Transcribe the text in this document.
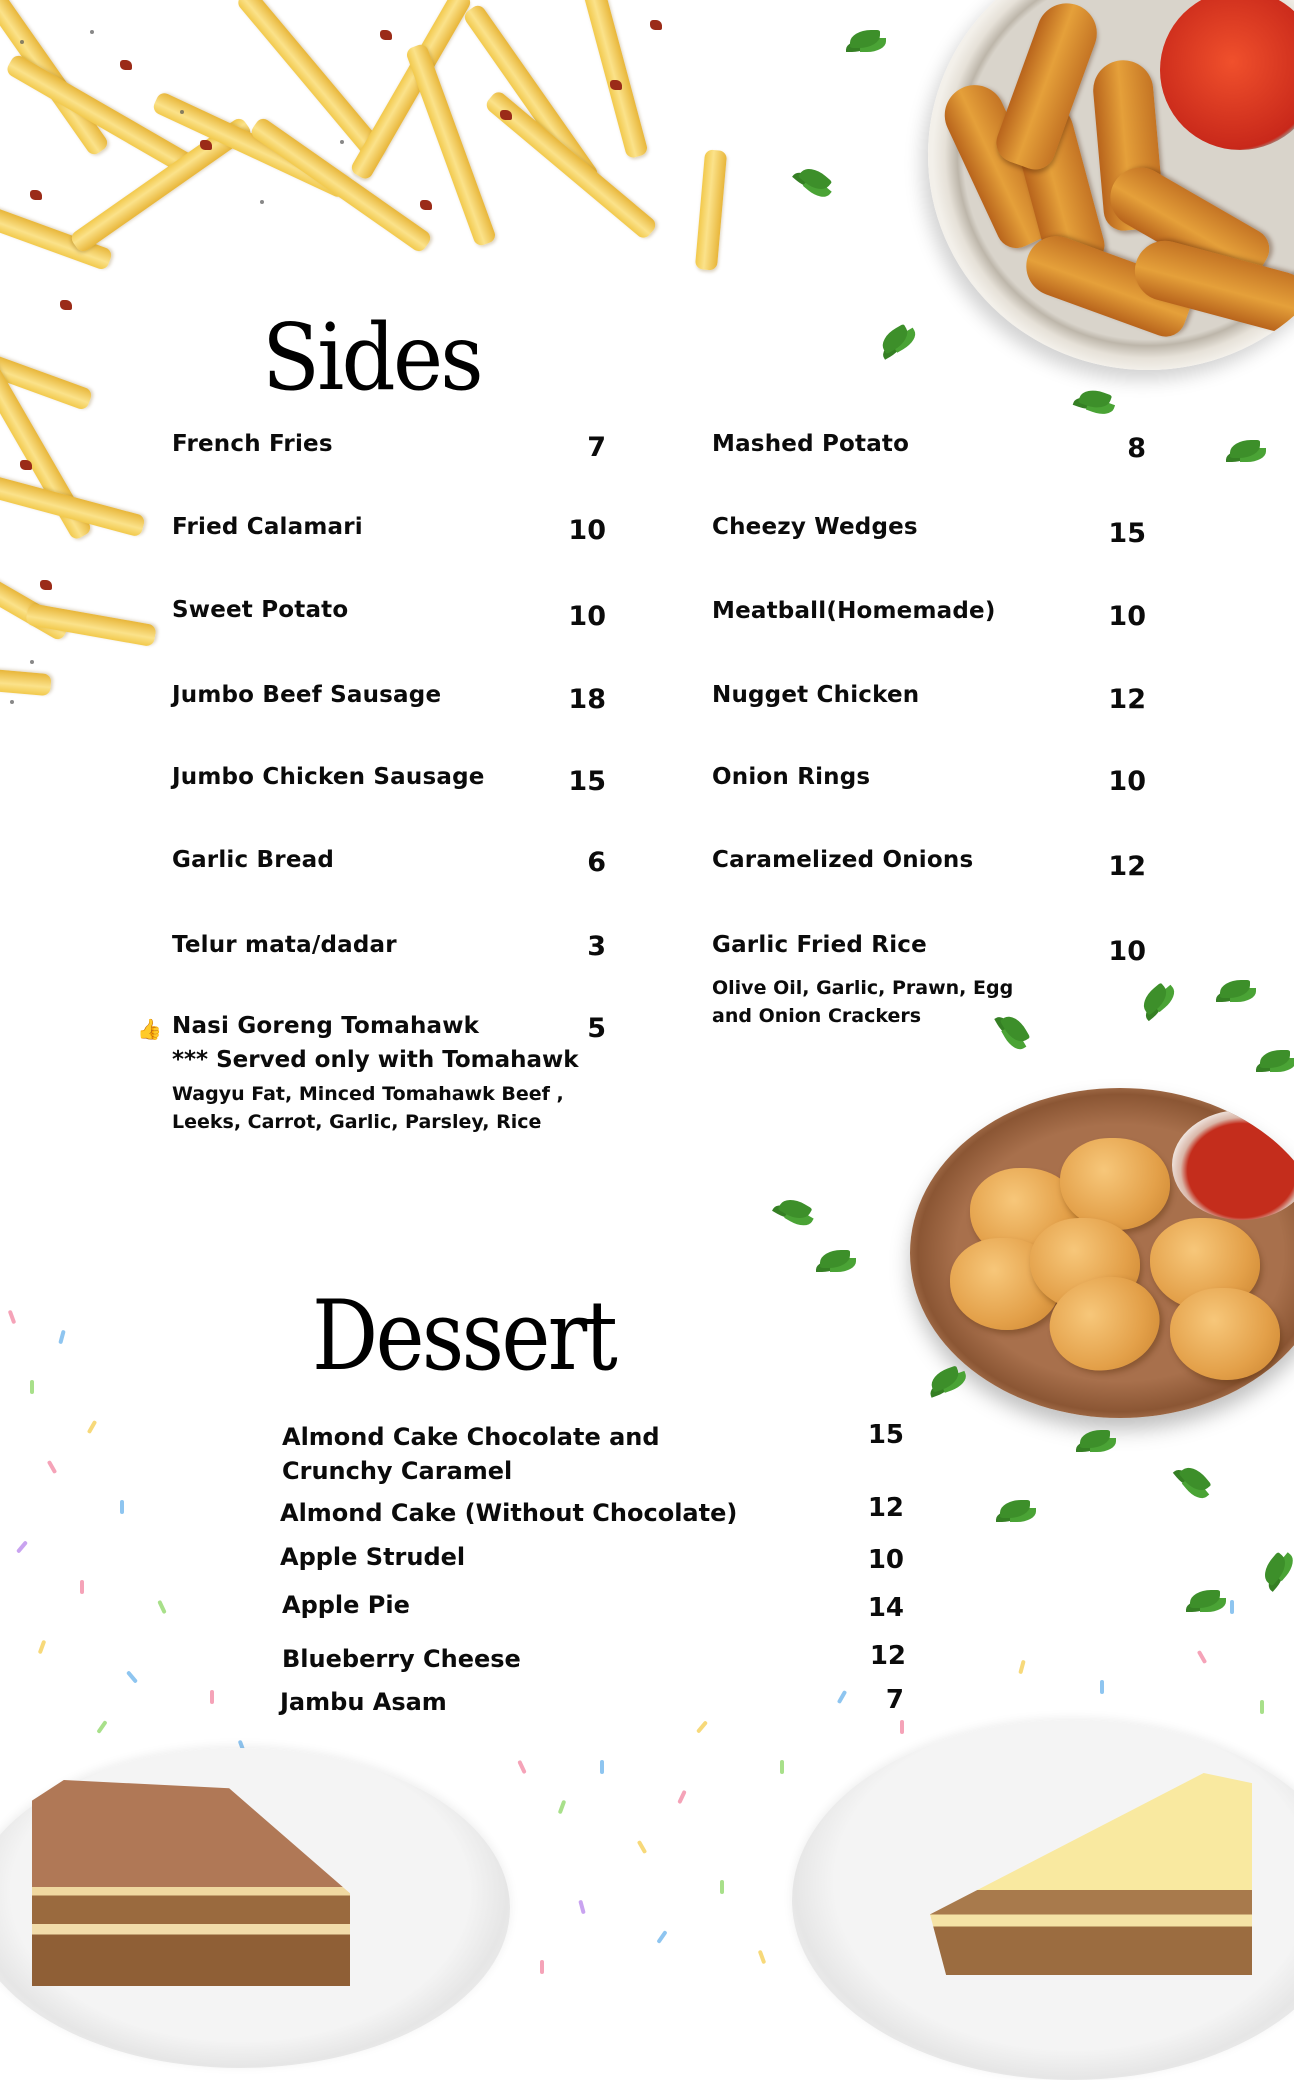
Sides
French Fries	7
Fried Calamari	10
Sweet Potato	10
Jumbo Beef Sausage	18
Jumbo Chicken Sausage	15
Garlic Bread	6
Telur mata/dadar	3
👍 Nasi Goreng Tomahawk	5
*** Served only with Tomahawk
Wagyu Fat, Minced Tomahawk Beef ,
Leeks, Carrot, Garlic, Parsley, Rice
Mashed Potato	8
Cheezy Wedges	15
Meatball(Homemade)	10
Nugget Chicken	12
Onion Rings	10
Caramelized Onions	12
Garlic Fried Rice	10
Olive Oil, Garlic, Prawn, Egg
and Onion Crackers
Dessert
Almond Cake Chocolate and
Crunchy Caramel
15
Almond Cake (Without Chocolate)	12
Apple Strudel	10
Apple Pie	14
Blueberry Cheese	12
Jambu Asam	7
